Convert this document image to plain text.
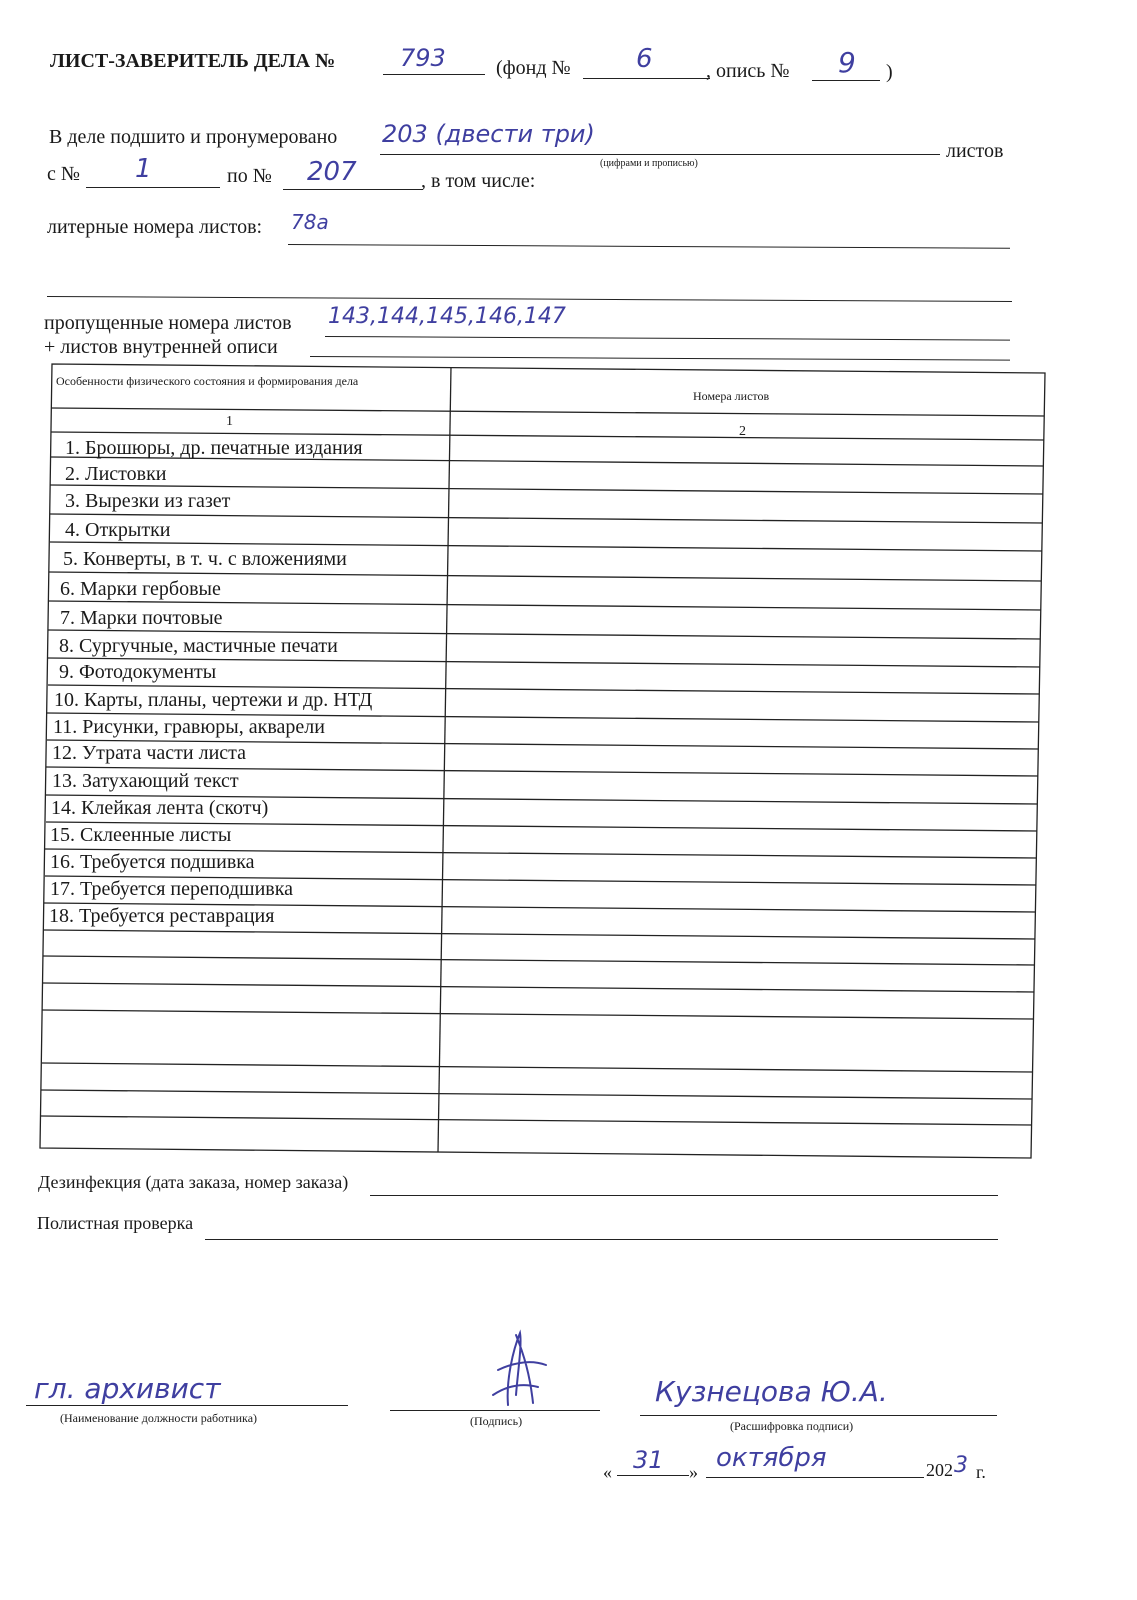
ЛИСТ-ЗАВЕРИТЕЛЬ ДЕЛА №	793	(фонд №	6	, опись № 9 )
В деле подшито и пронумеровано 203 (двести три)
листов
(цифрами и прописью)
с № 1	по № 207	, в том числе:
литерные номера листов: 78а
пропущенные номера листов 143,144,145,146,147
+ листов внутренней описи
Особенности физического состояния и формирования дела
Номера листов
1
2
1. Брошюры, др. печатные издания
2. Листовки
3. Вырезки из газет
4. Открытки
5. Конверты, в т. ч. с вложениями
6. Марки гербовые
7. Марки почтовые
8. Сургучные, мастичные печати
9. Фотодокументы
10. Карты, планы, чертежи и др. НТД
11. Рисунки, гравюры, акварели
12. Утрата части листа
13. Затухающий текст
14. Клейкая лента (скотч)
15. Склеенные листы
16. Требуется подшивка
17. Требуется переподшивка
18. Требуется реставрация
Дезинфекция (дата заказа, номер заказа)
Полистная проверка
гл. архивист
(Наименование должности работника)	(Подпись)
Кузнецова Ю.А.
(Расшифровка подписи)
« 31 » октября	202 3 г.
